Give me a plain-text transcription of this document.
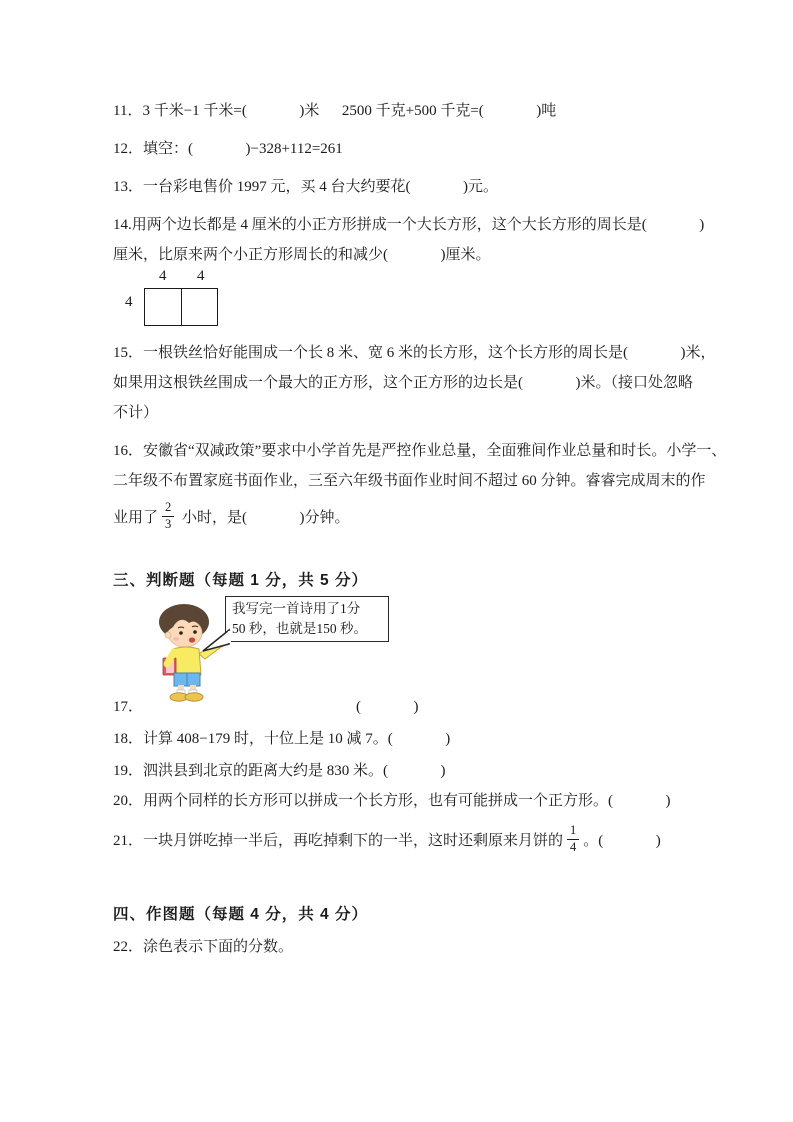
11．3 千米−1 千米=(              )米      2500 千克+500 千克=(              )吨
12．填空：(              )−328+112=261
13．一台彩电售价 1997 元，买 4 台大约要花(              )元。
14.用两个边长都是 4 厘米的小正方形拼成一个大长方形，这个大长方形的周长是(              )
厘米，比原来两个小正方形周长的和减少(              )厘米。
4 4
4
15．一根铁丝恰好能围成一个长 8 米、宽 6 米的长方形，这个长方形的周长是(              )米，
如果用这根铁丝围成一个最大的正方形，这个正方形的边长是(              )米。（接口处忽略
不计）
16．安徽省“双减政策”要求中小学首先是严控作业总量，全面雅间作业总量和时长。小学一、
二年级不布置家庭书面作业，三至六年级书面作业时间不超过 60 分钟。睿睿完成周末的作
业用了 $\frac{2}{3}$ 小时，是(              )分钟。
三、判断题（每题 1 分，共 5 分）
我写完一首诗用了1分
50 秒，也就是150 秒。
17．	(              )
18．计算 408−179 时，十位上是 10 减 7。(              )
19．泗洪县到北京的距离大约是 830 米。(              )
20．用两个同样的长方形可以拼成一个长方形，也有可能拼成一个正方形。(              )
21．一块月饼吃掉一半后，再吃掉剩下的一半，这时还剩原来月饼的 $\frac{1}{4}$ 。(              )
四、作图题（每题 4 分，共 4 分）
22．涂色表示下面的分数。
